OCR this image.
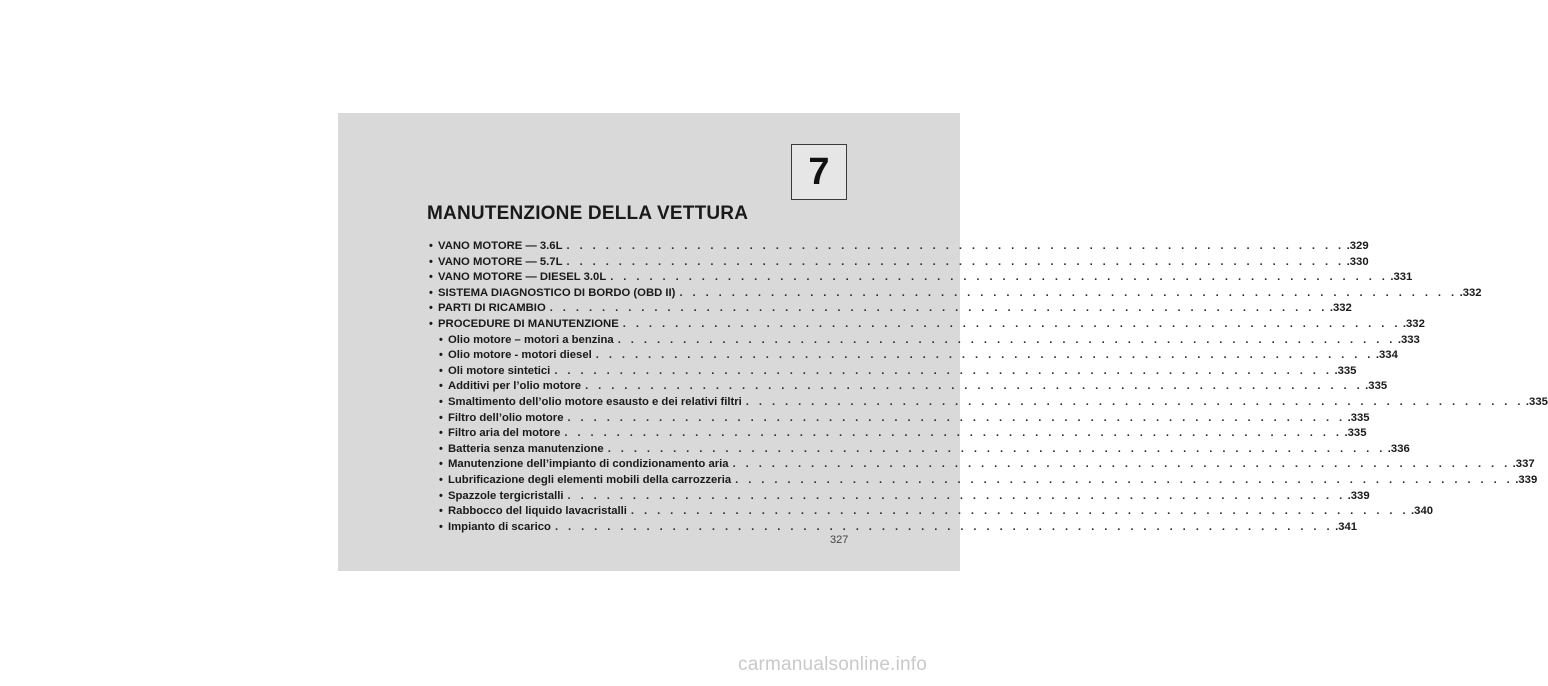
7
MANUTENZIONE DELLA VETTURA
• VANO MOTORE — 3.6L . . . . . . . . . . . . . . . . . . . . . . . . . . . . . . . . . . . . . . . . . . . . . . . . . . . . . . . . . . . . .329
• VANO MOTORE — 5.7L . . . . . . . . . . . . . . . . . . . . . . . . . . . . . . . . . . . . . . . . . . . . . . . . . . . . . . . . . . . . .330
• VANO MOTORE — DIESEL 3.0L . . . . . . . . . . . . . . . . . . . . . . . . . . . . . . . . . . . . . . . . . . . . . . . . . . . . . . . . . . . . .331
• SISTEMA DIAGNOSTICO DI BORDO (OBD II) . . . . . . . . . . . . . . . . . . . . . . . . . . . . . . . . . . . . . . . . . . . . . . . . . . . . . . . . . . . . .332
• PARTI DI RICAMBIO . . . . . . . . . . . . . . . . . . . . . . . . . . . . . . . . . . . . . . . . . . . . . . . . . . . . . . . . . . . . .332
• PROCEDURE DI MANUTENZIONE . . . . . . . . . . . . . . . . . . . . . . . . . . . . . . . . . . . . . . . . . . . . . . . . . . . . . . . . . . . . .332
• Olio motore – motori a benzina . . . . . . . . . . . . . . . . . . . . . . . . . . . . . . . . . . . . . . . . . . . . . . . . . . . . . . . . . . . . .333
• Olio motore - motori diesel . . . . . . . . . . . . . . . . . . . . . . . . . . . . . . . . . . . . . . . . . . . . . . . . . . . . . . . . . . . . .334
• Oli motore sintetici . . . . . . . . . . . . . . . . . . . . . . . . . . . . . . . . . . . . . . . . . . . . . . . . . . . . . . . . . . . . .335
• Additivi per l’olio motore . . . . . . . . . . . . . . . . . . . . . . . . . . . . . . . . . . . . . . . . . . . . . . . . . . . . . . . . . . . . .335
• Smaltimento dell’olio motore esausto e dei relativi filtri . . . . . . . . . . . . . . . . . . . . . . . . . . . . . . . . . . . . . . . . . . . . . . . . . . . . . . . . . . . . .335
• Filtro dell’olio motore . . . . . . . . . . . . . . . . . . . . . . . . . . . . . . . . . . . . . . . . . . . . . . . . . . . . . . . . . . . . .335
• Filtro aria del motore . . . . . . . . . . . . . . . . . . . . . . . . . . . . . . . . . . . . . . . . . . . . . . . . . . . . . . . . . . . . .335
• Batteria senza manutenzione . . . . . . . . . . . . . . . . . . . . . . . . . . . . . . . . . . . . . . . . . . . . . . . . . . . . . . . . . . . . .336
• Manutenzione dell’impianto di condizionamento aria . . . . . . . . . . . . . . . . . . . . . . . . . . . . . . . . . . . . . . . . . . . . . . . . . . . . . . . . . . . . .337
• Lubrificazione degli elementi mobili della carrozzeria . . . . . . . . . . . . . . . . . . . . . . . . . . . . . . . . . . . . . . . . . . . . . . . . . . . . . . . . . . . . .339
• Spazzole tergicristalli . . . . . . . . . . . . . . . . . . . . . . . . . . . . . . . . . . . . . . . . . . . . . . . . . . . . . . . . . . . . .339
• Rabbocco del liquido lavacristalli . . . . . . . . . . . . . . . . . . . . . . . . . . . . . . . . . . . . . . . . . . . . . . . . . . . . . . . . . . . . .340
• Impianto di scarico . . . . . . . . . . . . . . . . . . . . . . . . . . . . . . . . . . . . . . . . . . . . . . . . . . . . . . . . . . . . .341
327
carmanualsonline.info
